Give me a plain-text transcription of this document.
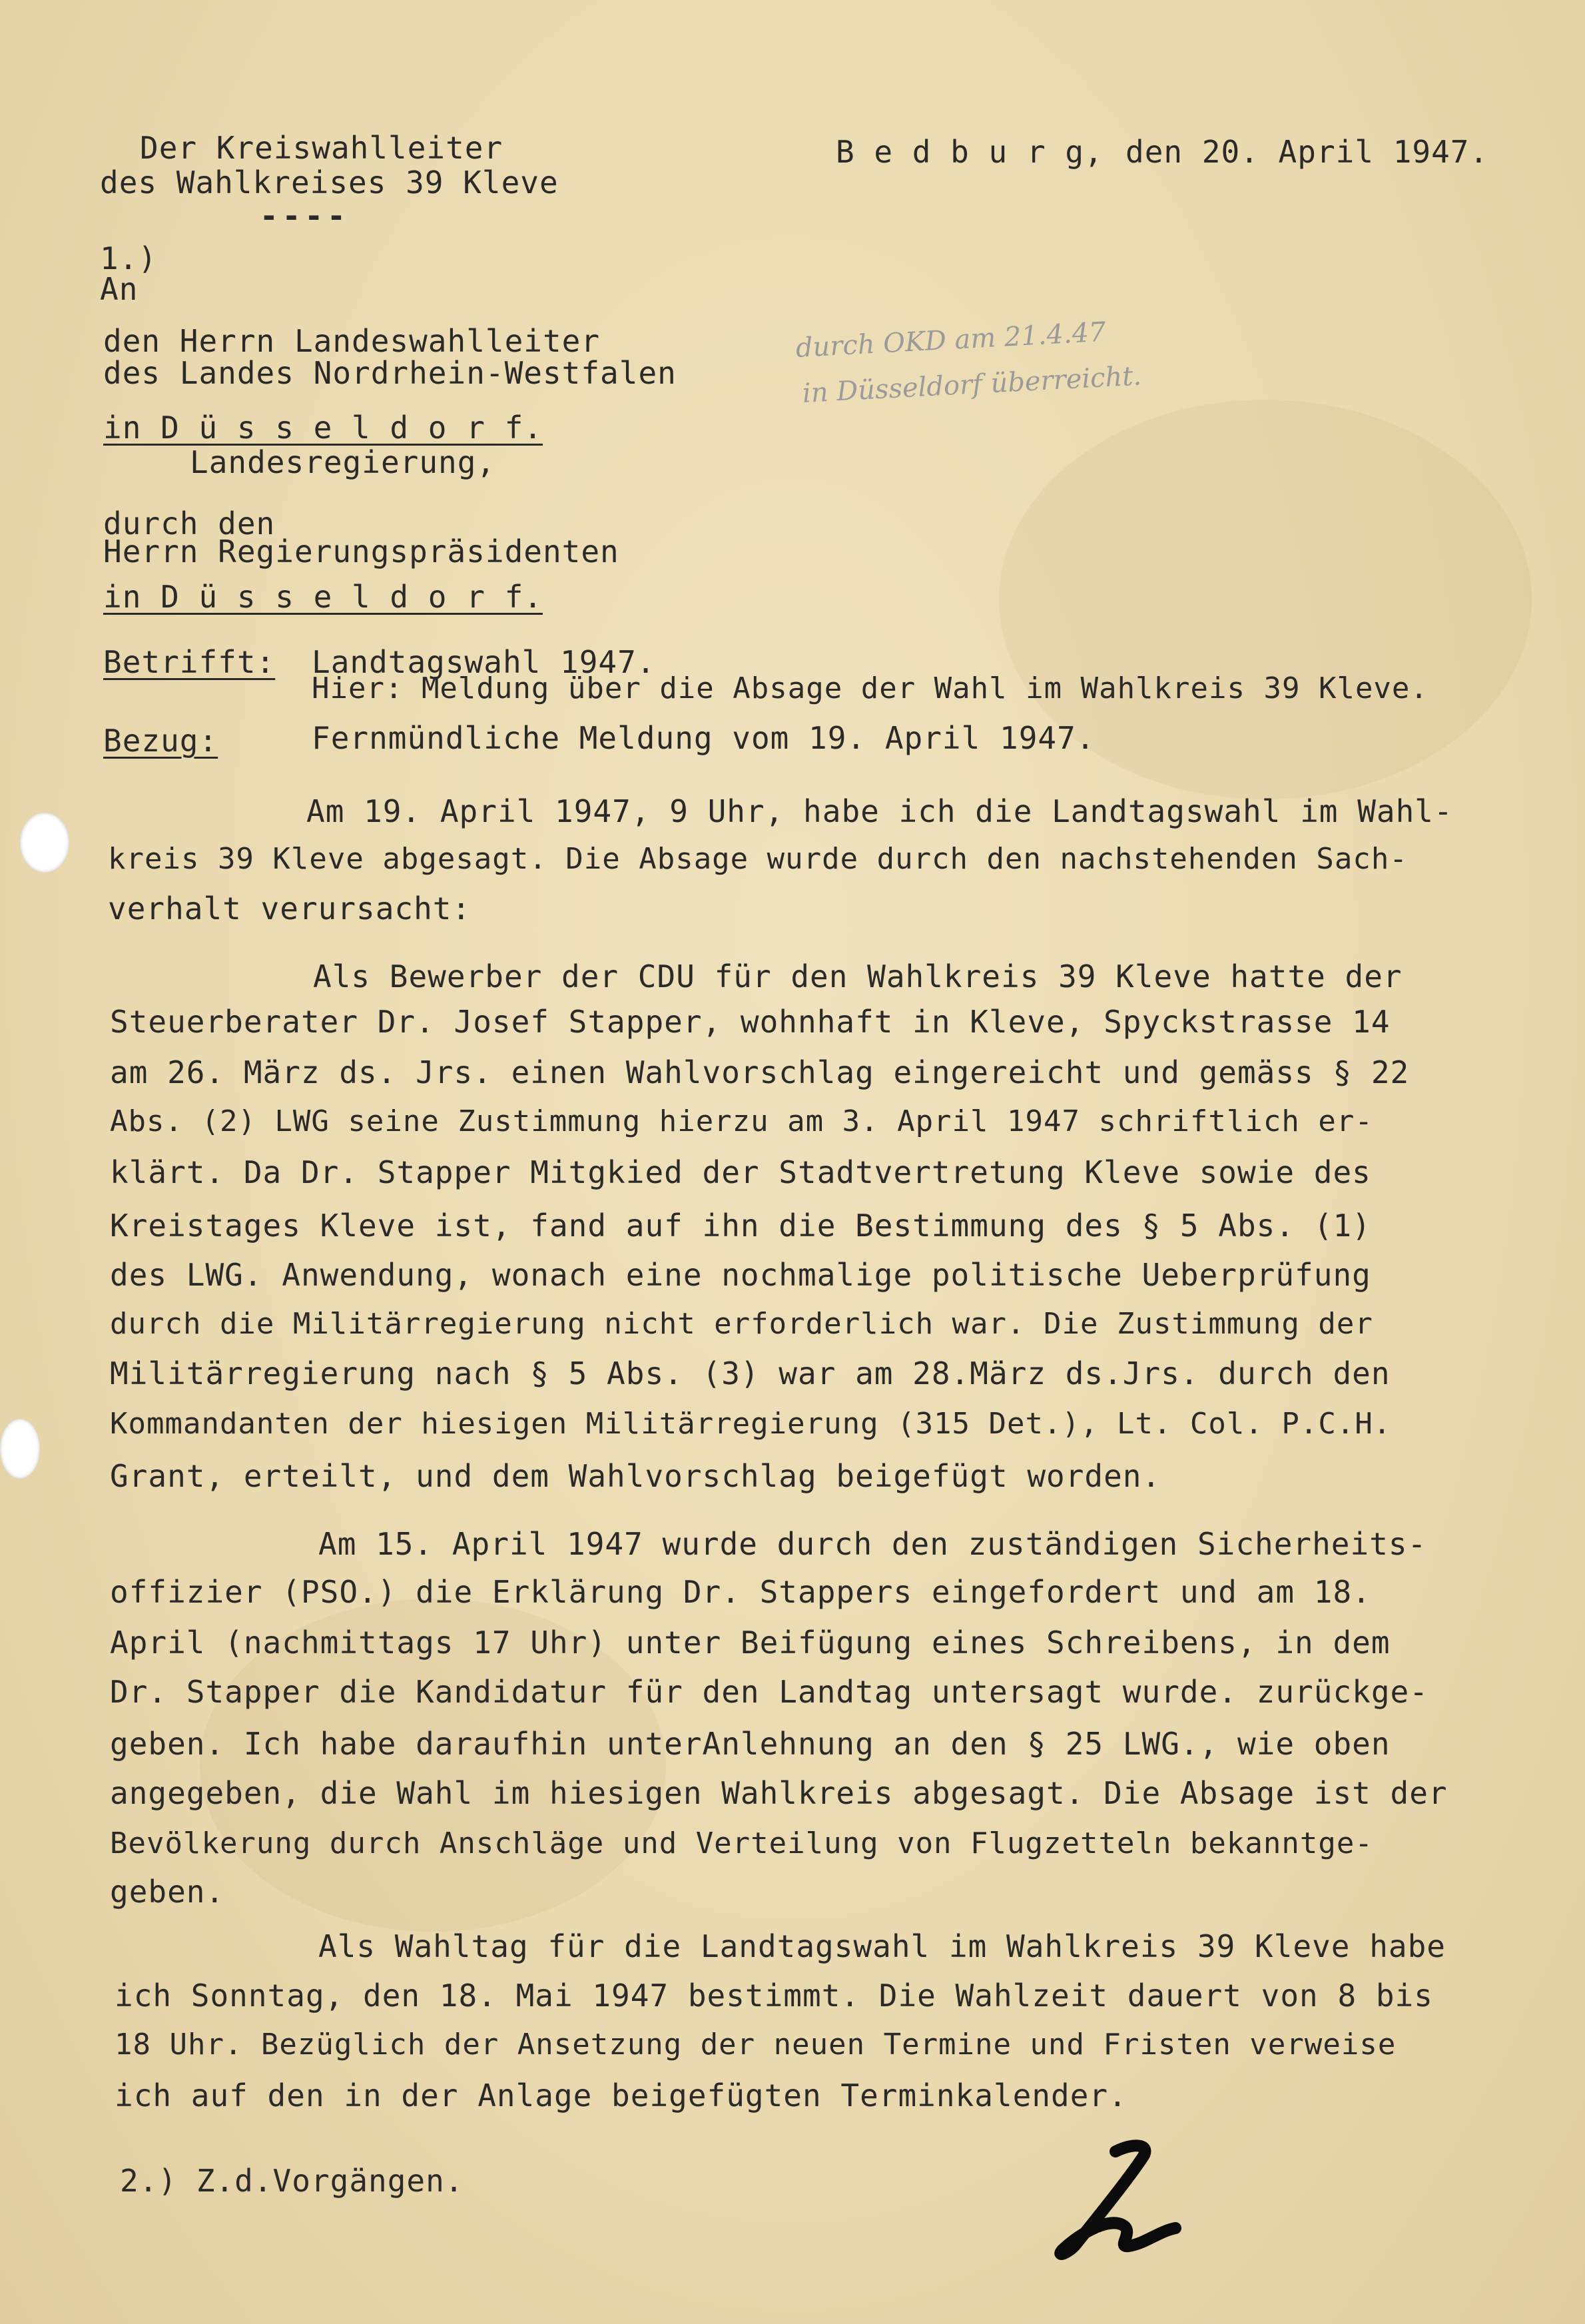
Der Kreiswahlleiter
des Wahlkreises 39 Kleve
----
B e d b u r g, den 20. April 1947.
1.)
An
den Herrn Landeswahlleiter
des Landes Nordrhein-Westfalen
in D ü s s e l d o r f.
Landesregierung,
durch den
Herrn Regierungspräsidenten
in D ü s s e l d o r f.
durch OKD am 21.4.47
in Düsseldorf überreicht.
Betrifft: Landtagswahl 1947.
Hier: Meldung über die Absage der Wahl im Wahlkreis 39 Kleve.
Bezug:	Fernmündliche Meldung vom 19. April 1947.
Am 19. April 1947, 9 Uhr, habe ich die Landtagswahl im Wahl-
kreis 39 Kleve abgesagt. Die Absage wurde durch den nachstehenden Sach-
verhalt verursacht:
Als Bewerber der CDU für den Wahlkreis 39 Kleve hatte der
Steuerberater Dr. Josef Stapper, wohnhaft in Kleve, Spyckstrasse 14
am 26. März ds. Jrs. einen Wahlvorschlag eingereicht und gemäss § 22
Abs. (2) LWG seine Zustimmung hierzu am 3. April 1947 schriftlich er-
klärt. Da Dr. Stapper Mitgkied der Stadtvertretung Kleve sowie des
Kreistages Kleve ist, fand auf ihn die Bestimmung des § 5 Abs. (1)
des LWG. Anwendung, wonach eine nochmalige politische Ueberprüfung
durch die Militärregierung nicht erforderlich war. Die Zustimmung der
Militärregierung nach § 5 Abs. (3) war am 28.März ds.Jrs. durch den
Kommandanten der hiesigen Militärregierung (315 Det.), Lt. Col. P.C.H.
Grant, erteilt, und dem Wahlvorschlag beigefügt worden.
Am 15. April 1947 wurde durch den zuständigen Sicherheits-
offizier (PSO.) die Erklärung Dr. Stappers eingefordert und am 18.
April (nachmittags 17 Uhr) unter Beifügung eines Schreibens, in dem
Dr. Stapper die Kandidatur für den Landtag untersagt wurde. zurückge-
geben. Ich habe daraufhin unterAnlehnung an den § 25 LWG., wie oben
angegeben, die Wahl im hiesigen Wahlkreis abgesagt. Die Absage ist der
Bevölkerung durch Anschläge und Verteilung von Flugzetteln bekanntge-
geben.
Als Wahltag für die Landtagswahl im Wahlkreis 39 Kleve habe
ich Sonntag, den 18. Mai 1947 bestimmt. Die Wahlzeit dauert von 8 bis
18 Uhr. Bezüglich der Ansetzung der neuen Termine und Fristen verweise
ich auf den in der Anlage beigefügten Terminkalender.
2.) Z.d.Vorgängen.
